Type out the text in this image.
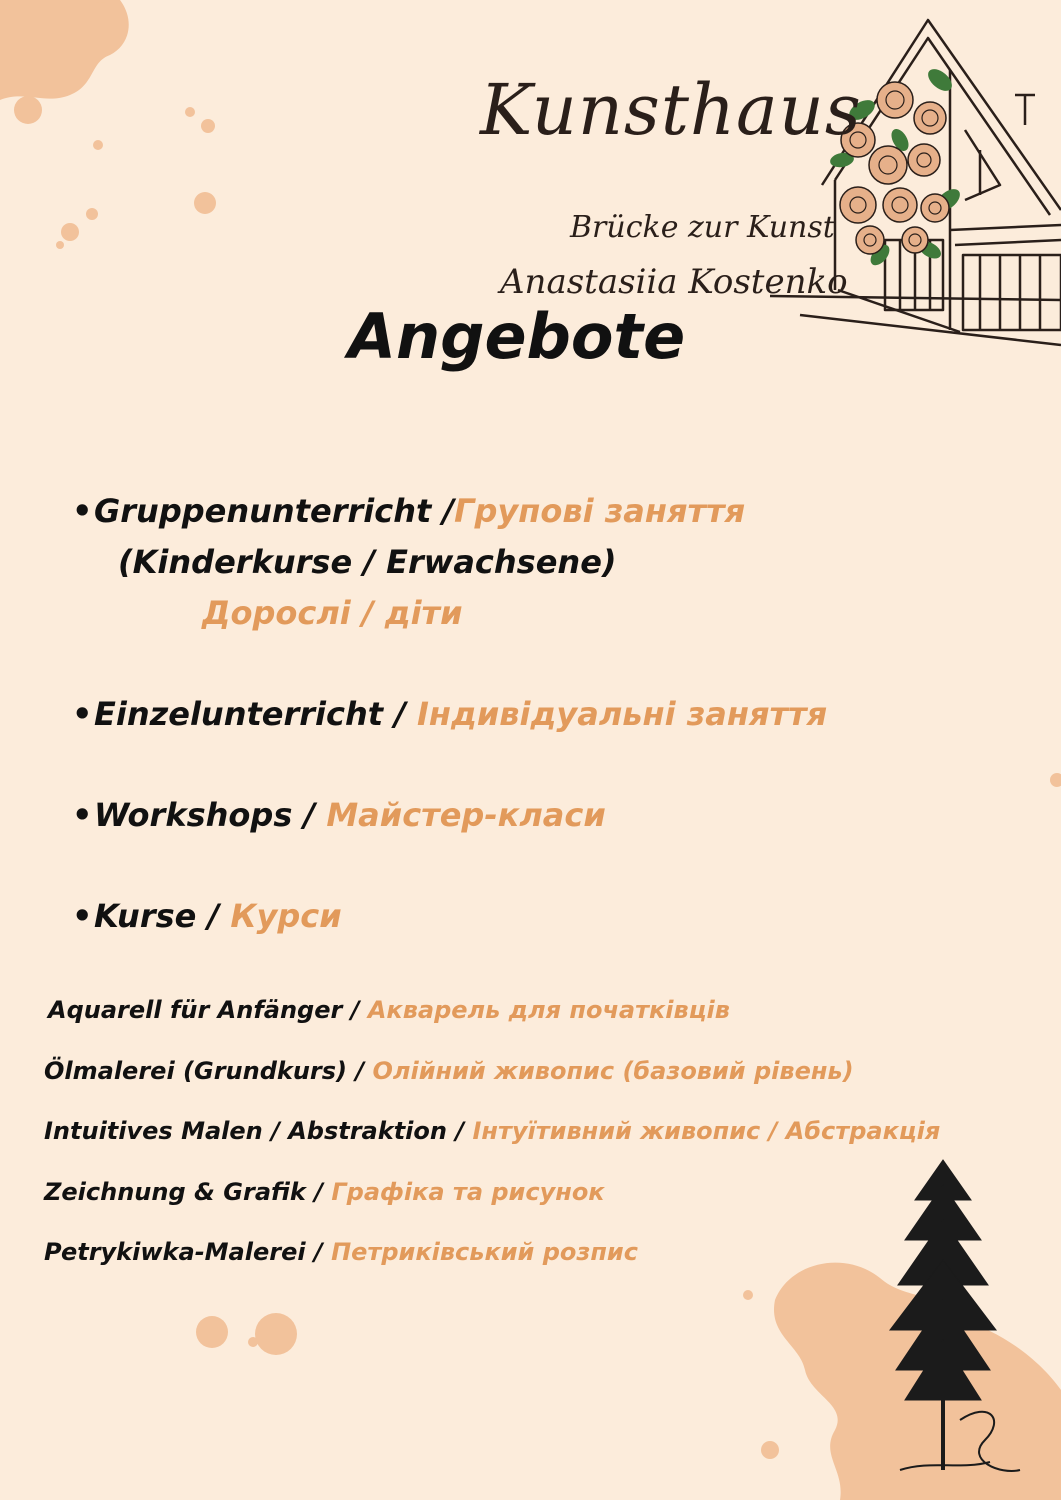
Kunsthaus
Brücke zur Kunst
Anastasiia Kostenko
Angebote
•Gruppenunterricht /Групові заняття
(Kinderkurse / Erwachsene)
Дорослі / діти
•Einzelunterricht / Індивідуальні заняття
•Workshops / Майстер-класи
•Kurse / Курси
Aquarell für Anfänger / Акварель для початківців
Ölmalerei (Grundkurs) / Олійний живопис (базовий рівень)
Intuitives Malen / Abstraktion / Інтуїтивний живопис / Абстракція
Zeichnung & Grafik / Графіка та рисунок
Petrykiwka-Malerei / Петриківський розпис
